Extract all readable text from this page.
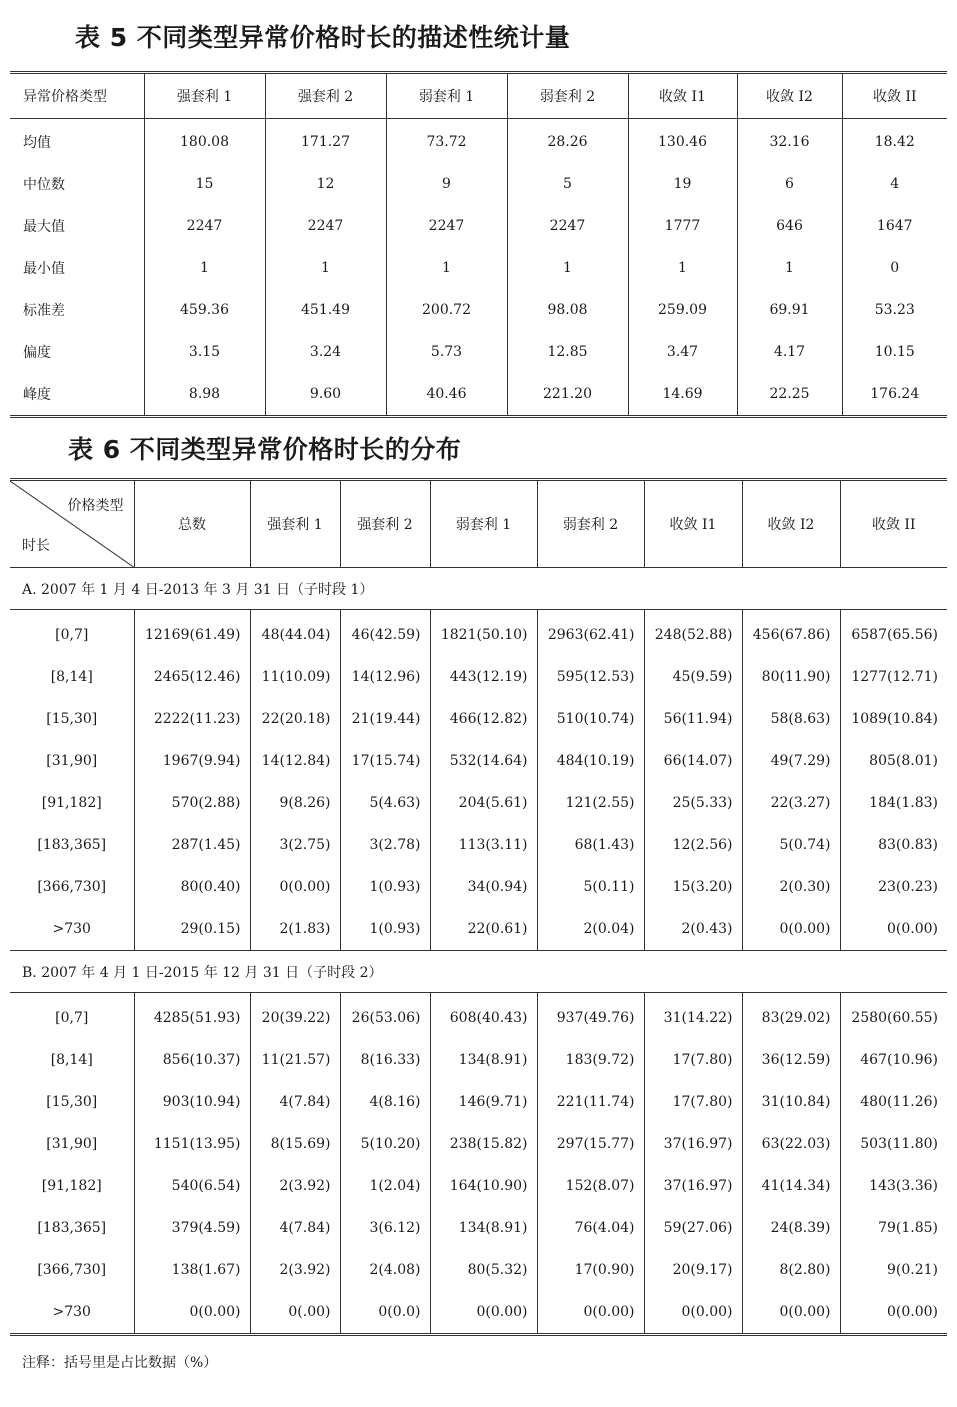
表 5 不同类型异常价格时长的描述性统计量
异常价格类型	强套利 1	强套利 2	弱套利 1	弱套利 2	收敛 I1	收敛 I2	收敛 II
均值	180.08	171.27	73.72	28.26	130.46	32.16	18.42
中位数	15	12	9	5	19	6	4
最大值	2247	2247	2247	2247	1777	646	1647
最小值	1	1	1	1	1	1	0
标准差	459.36	451.49	200.72	98.08	259.09	69.91	53.23
偏度	3.15	3.24	5.73	12.85	3.47	4.17	10.15
峰度	8.98	9.60	40.46	221.20	14.69	22.25	176.24
表 6 不同类型异常价格时长的分布
价格类型
时长	总数	强套利 1	强套利 2	弱套利 1	弱套利 2	收敛 I1	收敛 I2	收敛 II
A. 2007 年 1 月 4 日-2013 年 3 月 31 日（子时段 1）								
[0,7]	12169(61.49)	48(44.04)	46(42.59)	1821(50.10)	2963(62.41)	248(52.88)	456(67.86)	6587(65.56)
[8,14]	2465(12.46)	11(10.09)	14(12.96)	443(12.19)	595(12.53)	45(9.59)	80(11.90)	1277(12.71)
[15,30]	2222(11.23)	22(20.18)	21(19.44)	466(12.82)	510(10.74)	56(11.94)	58(8.63)	1089(10.84)
[31,90]	1967(9.94)	14(12.84)	17(15.74)	532(14.64)	484(10.19)	66(14.07)	49(7.29)	805(8.01)
[91,182]	570(2.88)	9(8.26)	5(4.63)	204(5.61)	121(2.55)	25(5.33)	22(3.27)	184(1.83)
[183,365]	287(1.45)	3(2.75)	3(2.78)	113(3.11)	68(1.43)	12(2.56)	5(0.74)	83(0.83)
[366,730]	80(0.40)	0(0.00)	1(0.93)	34(0.94)	5(0.11)	15(3.20)	2(0.30)	23(0.23)
>730	29(0.15)	2(1.83)	1(0.93)	22(0.61)	2(0.04)	2(0.43)	0(0.00)	0(0.00)
B. 2007 年 4 月 1 日-2015 年 12 月 31 日（子时段 2）								
[0,7]	4285(51.93)	20(39.22)	26(53.06)	608(40.43)	937(49.76)	31(14.22)	83(29.02)	2580(60.55)
[8,14]	856(10.37)	11(21.57)	8(16.33)	134(8.91)	183(9.72)	17(7.80)	36(12.59)	467(10.96)
[15,30]	903(10.94)	4(7.84)	4(8.16)	146(9.71)	221(11.74)	17(7.80)	31(10.84)	480(11.26)
[31,90]	1151(13.95)	8(15.69)	5(10.20)	238(15.82)	297(15.77)	37(16.97)	63(22.03)	503(11.80)
[91,182]	540(6.54)	2(3.92)	1(2.04)	164(10.90)	152(8.07)	37(16.97)	41(14.34)	143(3.36)
[183,365]	379(4.59)	4(7.84)	3(6.12)	134(8.91)	76(4.04)	59(27.06)	24(8.39)	79(1.85)
[366,730]	138(1.67)	2(3.92)	2(4.08)	80(5.32)	17(0.90)	20(9.17)	8(2.80)	9(0.21)
>730	0(0.00)	0(.00)	0(0.0)	0(0.00)	0(0.00)	0(0.00)	0(0.00)	0(0.00)

注释：括号里是占比数据（%）
